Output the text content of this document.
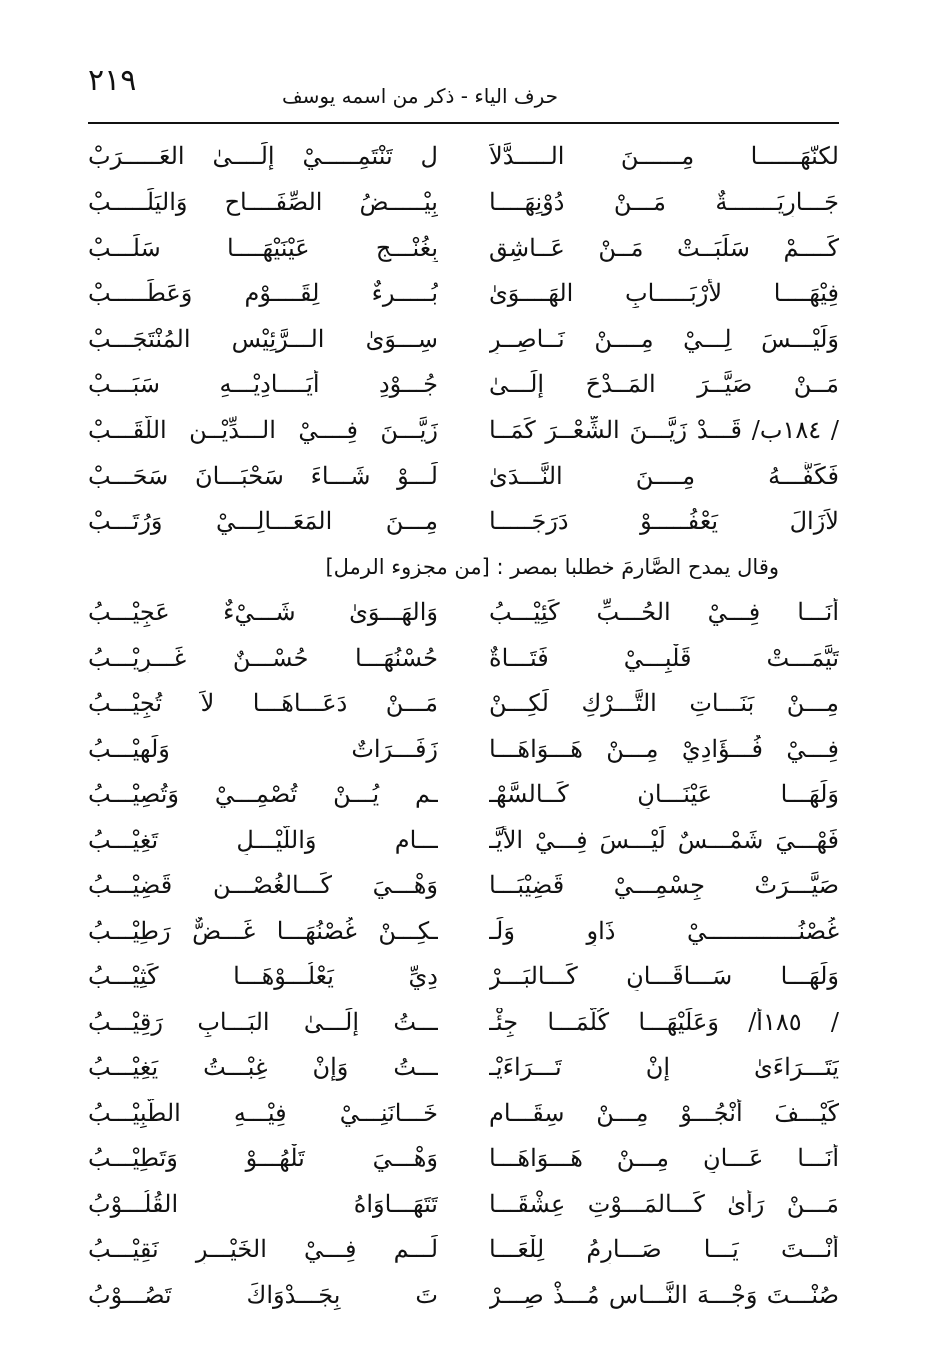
٢١٩	حرف الياء - ذكر من اسمه يوسف
لكنّهَــــــا مِــــــنَ الـــــدَّلاَ
ل تَنْتَمِـــــيْ إِلَــــىٰ العَـــــرَبْ
جَـــارِيَـــــــةٌ مَـــنْ دُوْنِهَــــا
بِيْـــــضُ الصِّفَــــاحِ وَاليَلَـــــبْ
كَــــمْ سَلَبَــتْ مَــنْ عَــاشِقٍ
بِغُنْـــجِ عَيْنَيْهَــــا سَلَـــبْ
فِيْهَــــا لأَرْبَـــــابِ الهَــــوَىٰ
بُـــــرءٌ لِقَــــوْمٍ وَعَطَـــــبْ
وَلَيْـــسَ لِـــيْ مِــــنْ نَــاصِــرٍ
سِـــوَىٰ الـــرَّئِيْسِ المُنْتَجَـــبْ
مَــنْ صَيَّــرَ المَــدْحَ إِلَـــىٰ
جُـــوْدِ أَيَــــادِيْـــهِ سَبَـــبْ
/ ١٨٤ب/ قَـــدْ زَيَّـــنَ الشِّعْــرَ كَمَــا
زَيَّـــنَ فِــــيْ الـــدِّيْــنِ اللَّقَـــبْ
فَكَفُّـــهُ مِــــنَ النَّـــدَىٰ
لَـــوْ شَـــاءَ سَحْبَـــانَ سَحَـــبْ
لاَزَالَ يَعْفُـــــوْ دَرَجَـــــا
مِـــنَ المَعَـــالِـــيْ وَرُتَـــبْ
وقال يمدح الصَّارمَ خطلبا بمصر : [من مجزوء الرمل]
أَنَـــا فِـــيْ الحُـــبِّ كَئِيْـــبُ
وَالهَـــوَىٰ شَـــيْءٌ عَجِيْـــبُ
تَيَّمَـــتْ قَلْبِـــيْ فَتَـــاةٌ
حُسْنُهَـــا حُسْـــنٌ غَـــرِيْـــبُ
مِـــنْ بَنَـــاتِ التَّـــرْكِ لَكِـــنْ
مَـــنْ دَعَـــاهَـــا لاَ تُجِيْـــبُ
فِـــيْ فُـــؤَادِيْ مِـــنْ هَـــوَاهَـــا
زَفَـــرَاتٌ وَلَهِيْـــبُ
وَلَهَـــا عَيْنَـــانِ كَــالسَّهْـ
ـمِ يُـــنْ تُصْمِـــيْ وَتُصِيْـــبُ
فَهْـــيَ شَمْـــسٌ لَيْـــسَ فِـــيْ الأَيَّـ
ـــامِ وَاللَّيْـــلِ تَغِيْـــبُ
صَيَّـــرَتْ جِسْمِـــيْ قَضِيْبَـــا
وَهْـــيَ كَـــالغُصْـــنِ قَضِيْـــبُ
غُصْنُـــــــــــــيْ ذَاوٍ وَلَـ
ـكِـــنْ غُصْنُهَـــا غَـــضٌّ رَطِيْـــبُ
وَلَهَـــا سَـــاقَـــانِ كَـــالبَـــرْ
دِيِّ يَعْلُـــوْهَـــا كَثِيْـــبُ
/ ١٨٥أ/ وَعَلَيْهَـــا كُلَّمَـــا جِئْـ
ـــتُ إِلَـــىٰ البَـــابِ رَقِيْـــبُ
يَتَـــرَاءَىٰ إِنْ تَـــرَاءَيْـ
ـــتُ وَإِنْ غِبْـــتُ يَغِيْـــبُ
كَيْـــفَ أَنْجُـــوْ مِـــنْ سِقَـــامٍ
خَـــانَنِـــيْ فِيْـــهِ الطَّبِيْـــبُ
أَنَـــا عَـــانٍ مِـــنْ هَـــوَاهَـــا
وَهْـــيَ تَلْهُـــوْ وَتَطِيْـــبُ
مَـــنْ رَأَىٰ كَـــالمَـــوْتِ عِشْقَـــا
تَتَهَـــاوَاهُ القُلُـــوْبُ
أَنْـــتَ يَـــا صَـــارِمُ لِلْعَـــا
لَـــمِ فِـــيْ الخَيْـــرِ نَقِيْـــبُ
صُنْـــتَ وَجْـــهَ النَّـــاسِ مُـــذْ صِـــرْ
تَ بِجَـــدْوَاكَ تَصُـــوْبُ
